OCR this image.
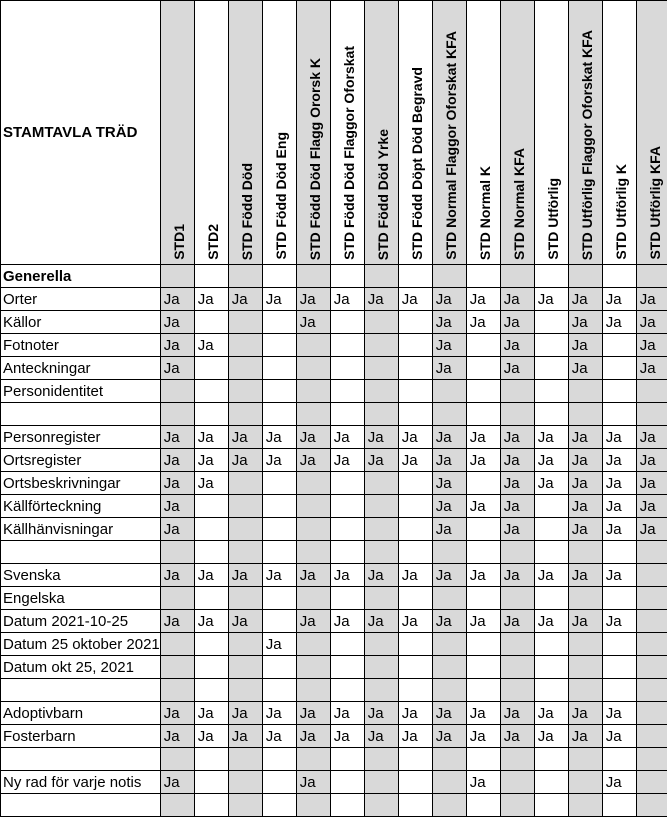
STAMTAVLA TRÄD	STD1	STD2	STD Född Död	STD Född Död Eng	STD Född Död Flagg Ororsk K	STD Född Död Flaggor Oforskat	STD Född Död Yrke	STD Född Döpt Död Begravd	STD Normal Flaggor Oforskat KFA	STD Normal K	STD Normal KFA	STD Utförlig	STD Utförlig Flaggor Oforskat KFA	STD Utförlig K	STD Utförlig KFA

Generella															
Orter	Ja	Ja	Ja	Ja	Ja	Ja	Ja	Ja	Ja	Ja	Ja	Ja	Ja	Ja	Ja
Källor	Ja				Ja				Ja	Ja	Ja		Ja	Ja	Ja
Fotnoter	Ja	Ja							Ja		Ja		Ja		Ja
Anteckningar	Ja								Ja		Ja		Ja		Ja
Personidentitet															

Personregister	Ja	Ja	Ja	Ja	Ja	Ja	Ja	Ja	Ja	Ja	Ja	Ja	Ja	Ja	Ja
Ortsregister	Ja	Ja	Ja	Ja	Ja	Ja	Ja	Ja	Ja	Ja	Ja	Ja	Ja	Ja	Ja
Ortsbeskrivningar	Ja	Ja							Ja		Ja	Ja	Ja	Ja	Ja
Källförteckning	Ja								Ja	Ja	Ja		Ja	Ja	Ja
Källhänvisningar	Ja								Ja		Ja		Ja	Ja	Ja

Svenska	Ja	Ja	Ja	Ja	Ja	Ja	Ja	Ja	Ja	Ja	Ja	Ja	Ja	Ja	
Engelska															
Datum 2021-10-25	Ja	Ja	Ja		Ja	Ja	Ja	Ja	Ja	Ja	Ja	Ja	Ja	Ja	
Datum 25 oktober 2021				Ja											
Datum okt 25, 2021															

Adoptivbarn	Ja	Ja	Ja	Ja	Ja	Ja	Ja	Ja	Ja	Ja	Ja	Ja	Ja	Ja	
Fosterbarn	Ja	Ja	Ja	Ja	Ja	Ja	Ja	Ja	Ja	Ja	Ja	Ja	Ja	Ja	

Ny rad för varje notis	Ja				Ja					Ja				Ja	
